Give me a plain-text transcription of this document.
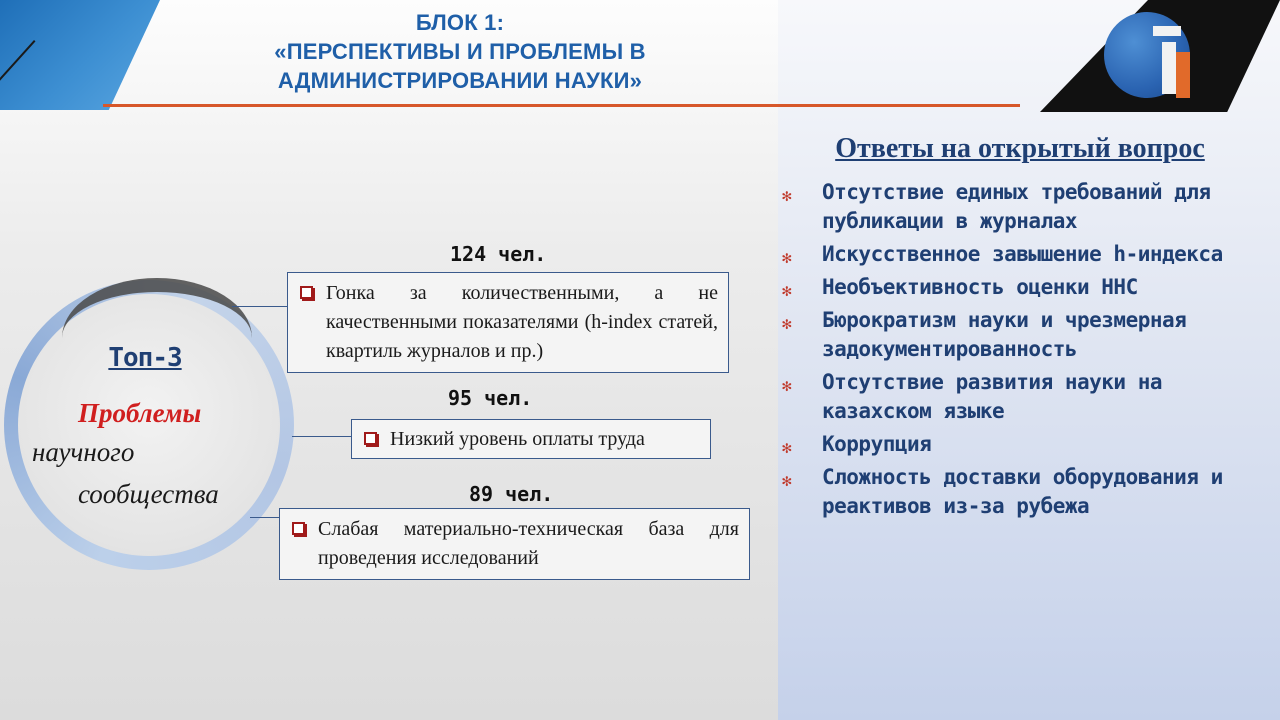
БЛОК 1:
«ПЕРСПЕКТИВЫ И ПРОБЛЕМЫ В
АДМИНИСТРИРОВАНИИ НАУКИ»
Топ-3
Проблемы
научного
сообщества
124 чел.
Гонка за количественными, а не качественными показателями (h-index статей, квартиль журналов и пр.)
95 чел.
Низкий уровень оплаты труда
89 чел.
Слабая материально-техническая база для проведения исследований
Ответы на открытый вопрос
✻ Отсутствие единых требований для публикации в журналах
✻ Искусственное завышение h-индекса
✻ Необъективность оценки ННС
✻ Бюрократизм науки и чрезмерная задокументированность
✻ Отсутствие развития науки на казахском языке
✻ Коррупция
✻ Сложность доставки оборудования и реактивов из-за рубежа
